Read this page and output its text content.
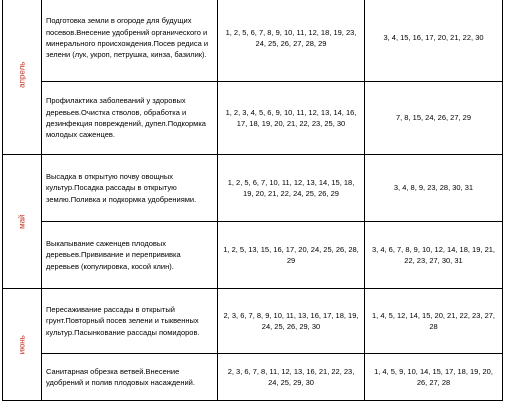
апрель	Подготовка земли в огороде для будущих посевов.Внесение удобрений органического и минерального происхождения.Посев редиса и зелени (лук, укроп, петрушка, кинза, базилик).	1, 2, 5, 6, 7, 8, 9, 10, 11, 12, 18, 19, 23, 24, 25, 26, 27, 28, 29	3, 4, 15, 16, 17, 20, 21, 22, 30
	Профилактика заболеваний у здоровых деревьев.Очистка стволов, обработка и дезинфекция повреждений, дупел.Подкормка молодых саженцев.	1, 2, 3, 4, 5, 6, 9, 10, 11, 12, 13, 14, 16, 17, 18, 19, 20, 21, 22, 23, 25, 30	7, 8, 15, 24, 26, 27, 29

май	Высадка в открытую почву овощных культур.Посадка рассады в открытую землю.Поливка и подкормка удобрениями.	1, 2, 5, 6, 7, 10, 11, 12, 13, 14, 15, 18, 19, 20, 21, 22, 24, 25, 26, 29	3, 4, 8, 9, 23, 28, 30, 31
	Выкапывание саженцев плодовых деревьев.Прививание и перепрививка деревьев (копулировка, косой клин).	1, 2, 5, 13, 15, 16, 17, 20, 24, 25, 26, 28, 29	3, 4, 6, 7, 8, 9, 10, 12, 14, 18, 19, 21, 22, 23, 27, 30, 31

июнь	Пересаживание рассады в открытый грунт.Повторный посев зелени и тыквенных культур.Пасынкование рассады помидоров.	2, 3, 6, 7, 8, 9, 10, 11, 13, 16, 17, 18, 19, 24, 25, 26, 29, 30	1, 4, 5, 12, 14, 15, 20, 21, 22, 23, 27, 28
	Санитарная обрезка ветвей.Внесение удобрений и полив плодовых насаждений.	2, 3, 6, 7, 8, 11, 12, 13, 16, 21, 22, 23, 24, 25, 29, 30	1, 4, 5, 9, 10, 14, 15, 17, 18, 19, 20, 26, 27, 28
